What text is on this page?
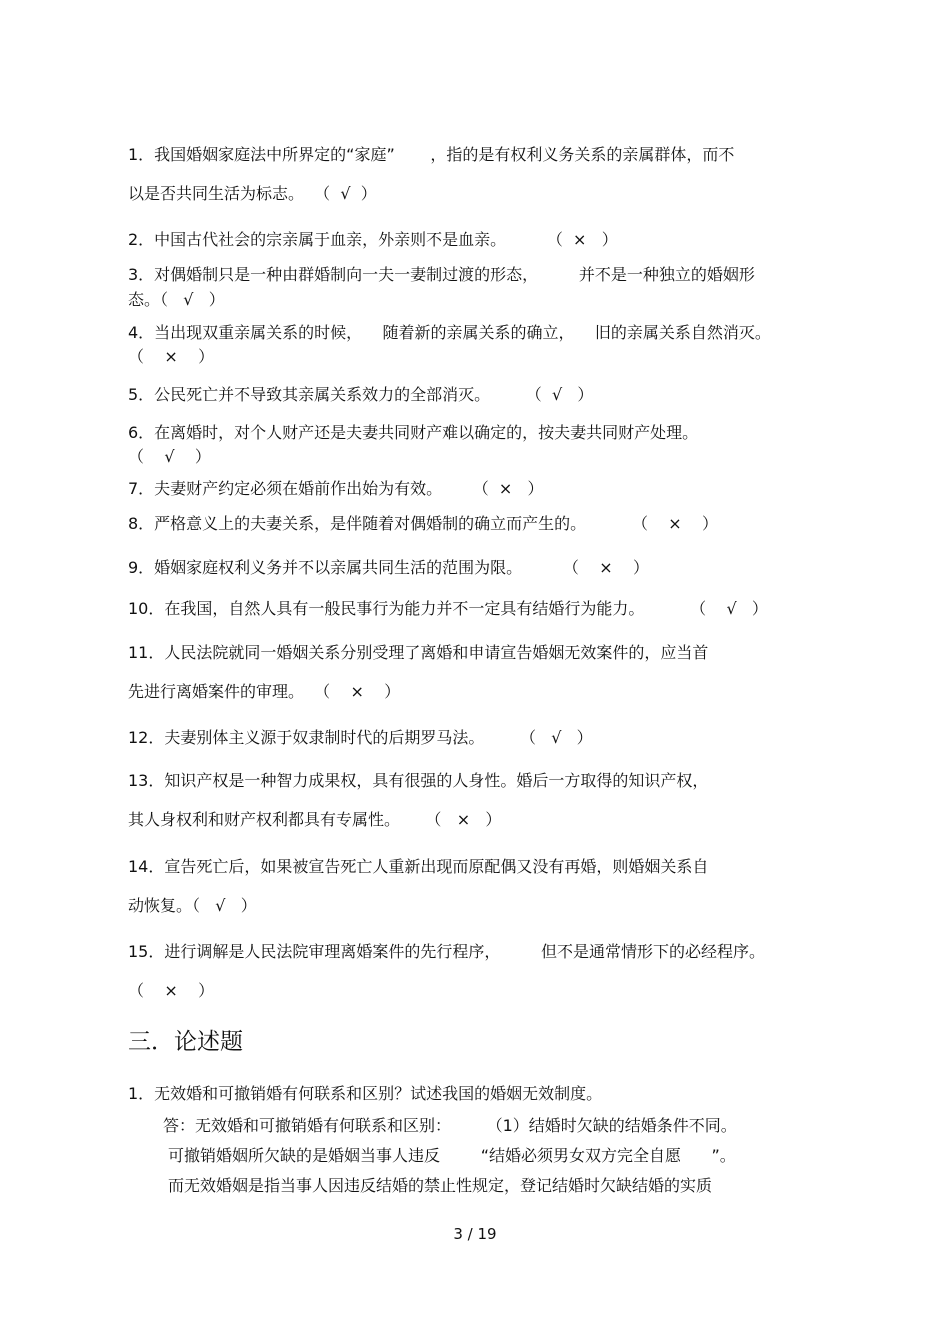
1．我国婚姻家庭法中所界定的“家庭”       ，指的是有权利义务关系的亲属群体，而不
以是否共同生活为标志。  （  √  ）
2．中国古代社会的宗亲属于血亲，外亲则不是血亲。        （  ×   ）
3．对偶婚制只是一种由群婚制向一夫一妻制过渡的形态，        并不是一种独立的婚姻形
态。（   √   ）
4．当出现双重亲属关系的时候，    随着新的亲属关系的确立，    旧的亲属关系自然消灭。
（    ×    ）
5．公民死亡并不导致其亲属关系效力的全部消灭。       （  √   ）
6．在离婚时，对个人财产还是夫妻共同财产难以确定的，按夫妻共同财产处理。
（    √    ）
7．夫妻财产约定必须在婚前作出始为有效。      （  ×   ）
8．严格意义上的夫妻关系，是伴随着对偶婚制的确立而产生的。         （    ×    ）
9．婚姻家庭权利义务并不以亲属共同生活的范围为限。        （    ×    ）
10．在我国，自然人具有一般民事行为能力并不一定具有结婚行为能力。         （    √   ）
11．人民法院就同一婚姻关系分别受理了离婚和申请宣告婚姻无效案件的，应当首
先进行离婚案件的审理。  （    ×    ）
12．夫妻别体主义源于奴隶制时代的后期罗马法。       （   √   ）
13．知识产权是一种智力成果权，具有很强的人身性。婚后一方取得的知识产权，
其人身权利和财产权利都具有专属性。     （   ×   ）
14．宣告死亡后，如果被宣告死亡人重新出现而原配偶又没有再婚，则婚姻关系自
动恢复。（   √   ）
15．进行调解是人民法院审理离婚案件的先行程序，        但不是通常情形下的必经程序。
（    ×    ）
三．论述题
1．无效婚和可撤销婚有何联系和区别？试述我国的婚姻无效制度。
答：无效婚和可撤销婚有何联系和区别：       （1）结婚时欠缺的结婚条件不同。
可撤销婚姻所欠缺的是婚姻当事人违反        “结婚必须男女双方完全自愿      ”。
而无效婚姻是指当事人因违反结婚的禁止性规定，登记结婚时欠缺结婚的实质
3 / 19
